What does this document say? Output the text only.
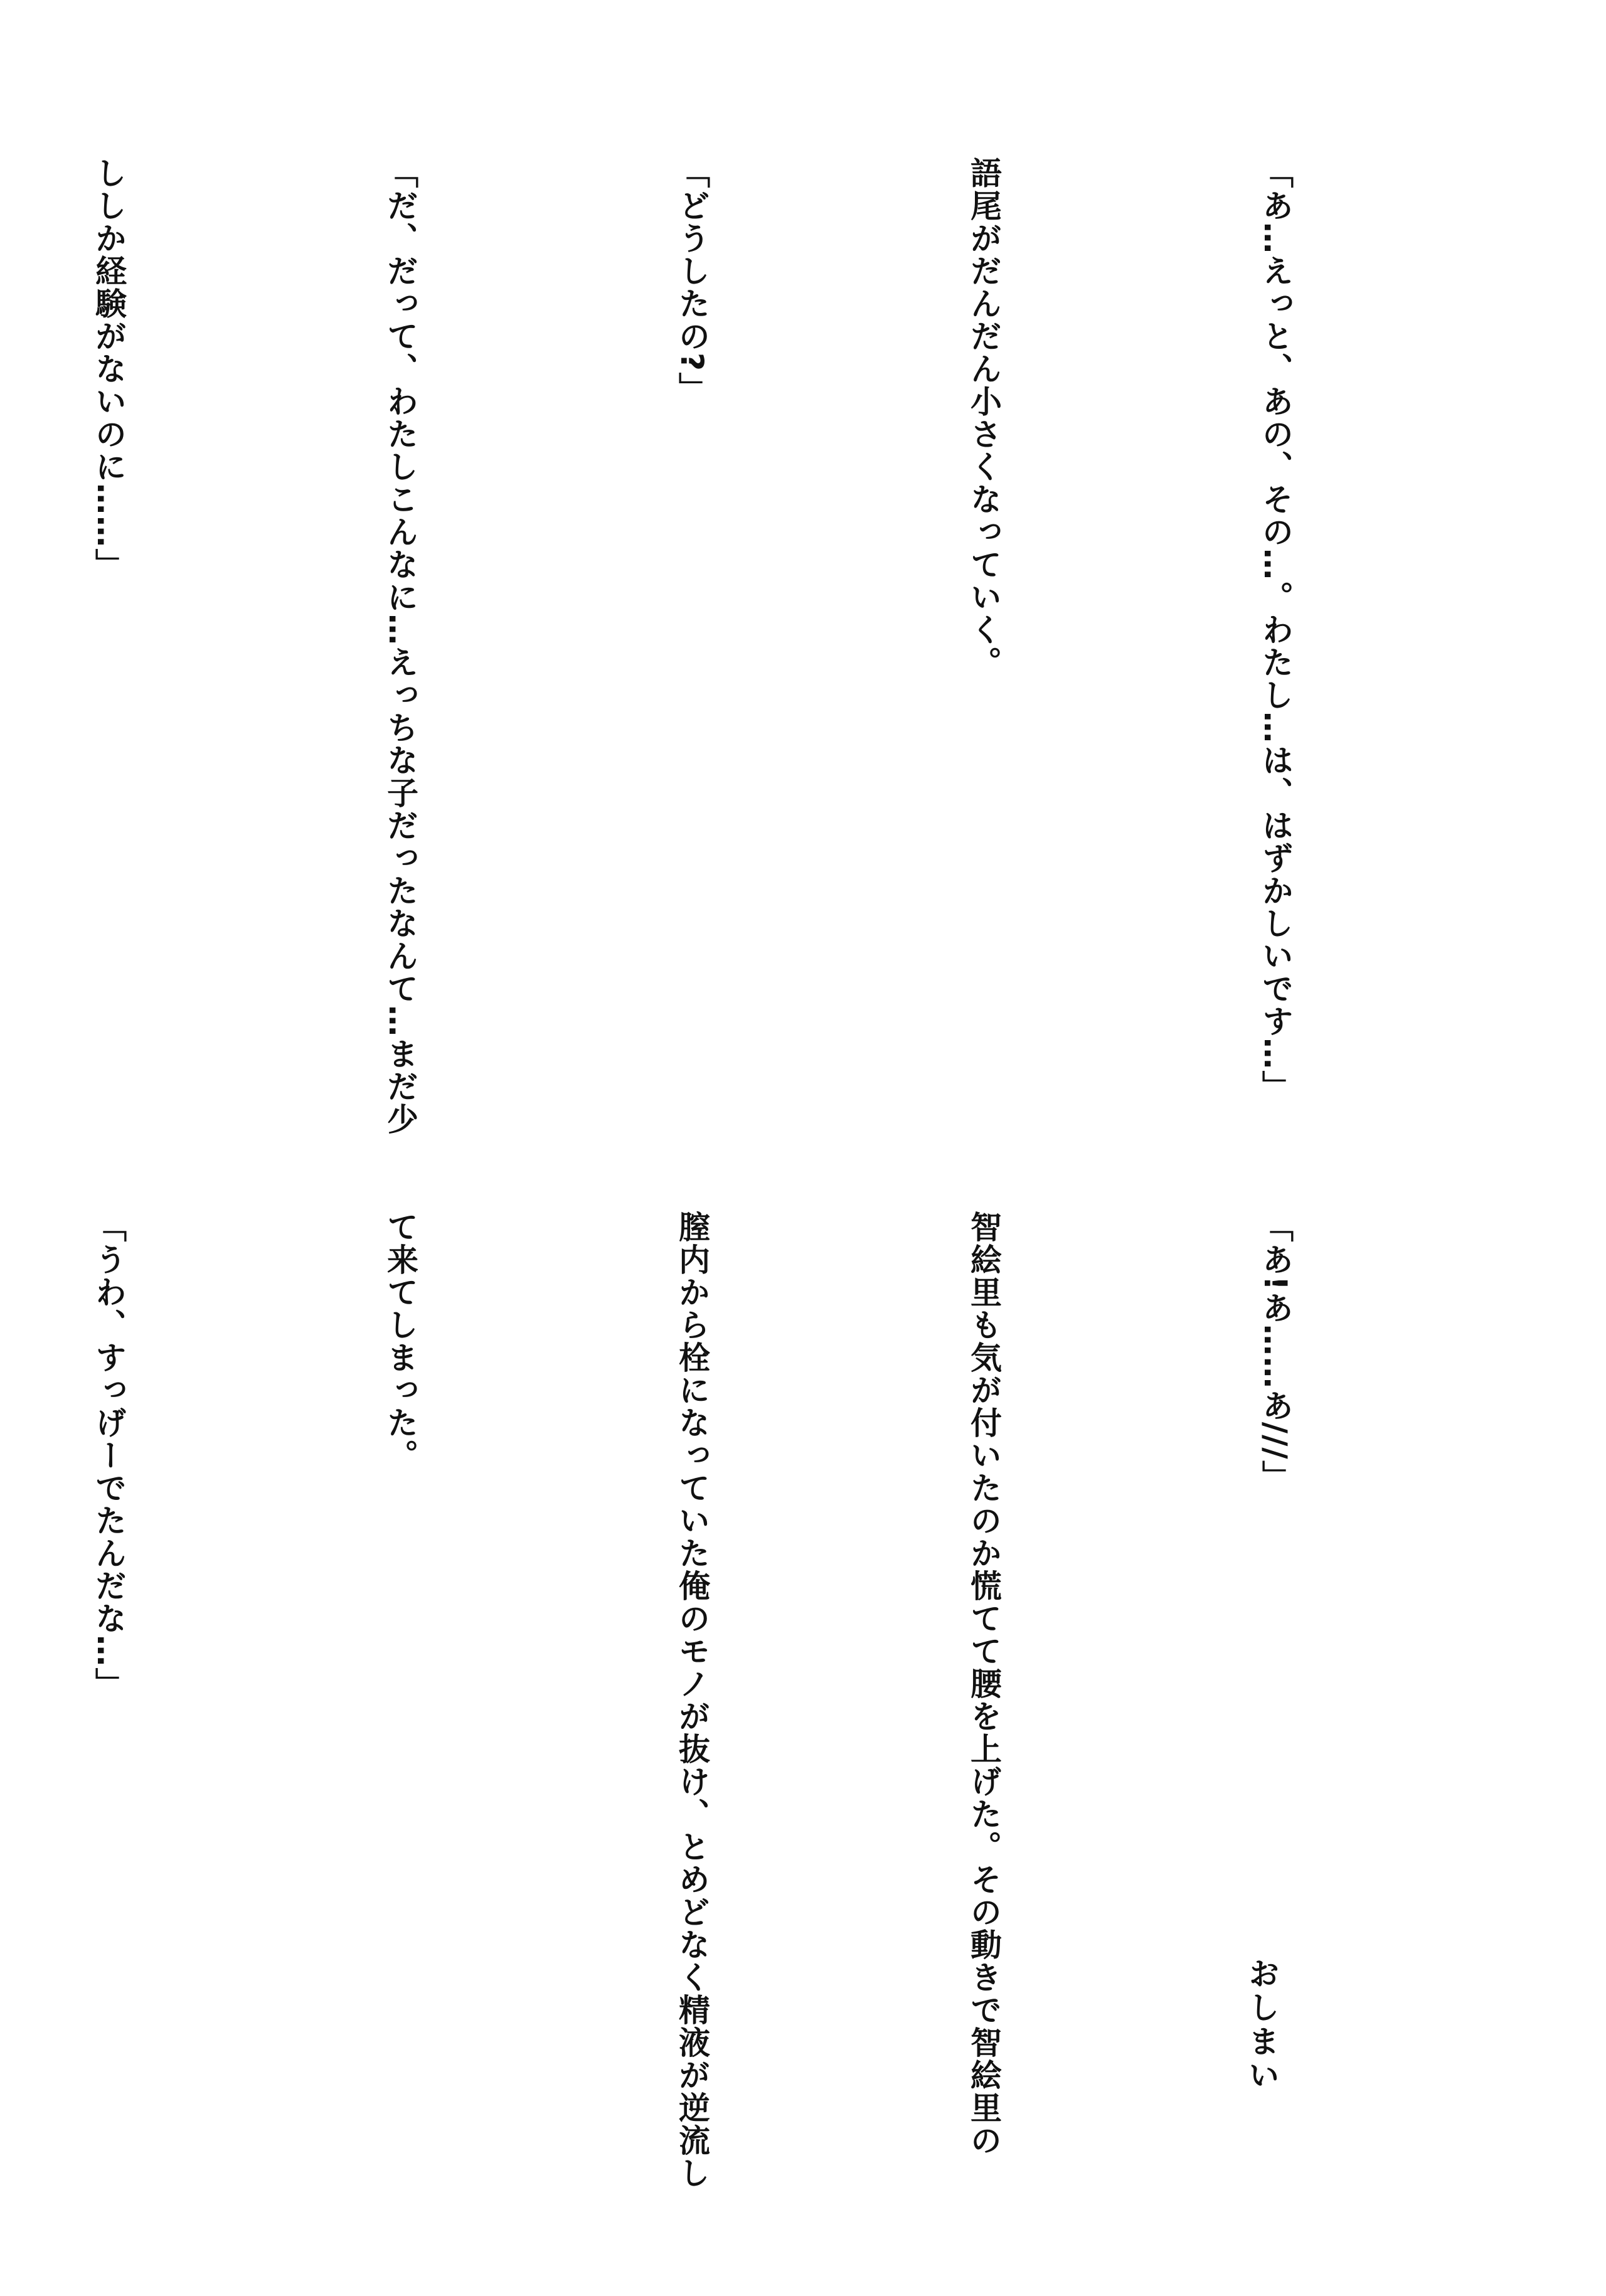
「あ…えっと、あの、その…。わたし…は、はずかしいです…」

語尾がだんだん小さくなっていく。

「どうしたの?」

「だ、だって、わたしこんなに…えっちな子だったなんて…まだ少

ししか経験がないのに……」

「あ!あ……あ///」

智絵里も気が付いたのか慌てて腰を上げた。その動きで智絵里の

膣内から栓になっていた俺のモノが抜け、とめどなく精液が逆流し

て来てしまった。

「うわ、すっげーでたんだな…」

おしまい
